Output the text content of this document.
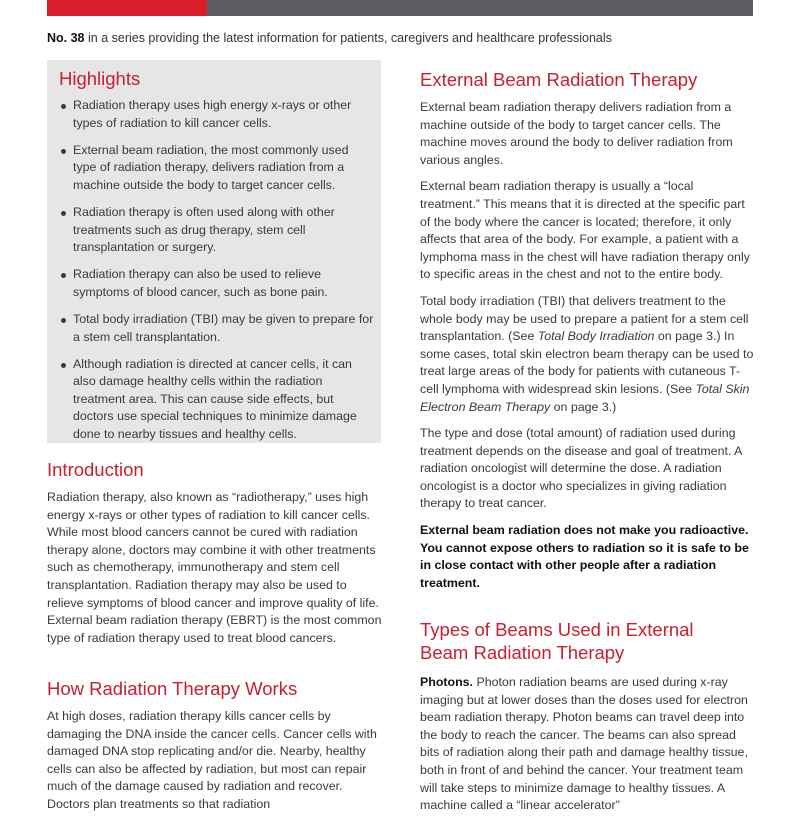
No. 38 in a series providing the latest information for patients, caregivers and healthcare professionals
Highlights
Radiation therapy uses high energy x-rays or other types of radiation to kill cancer cells.
External beam radiation, the most commonly used type of radiation therapy, delivers radiation from a machine outside the body to target cancer cells.
Radiation therapy is often used along with other treatments such as drug therapy, stem cell transplantation or surgery.
Radiation therapy can also be used to relieve symptoms of blood cancer, such as bone pain.
Total body irradiation (TBI) may be given to prepare for a stem cell transplantation.
Although radiation is directed at cancer cells, it can also damage healthy cells within the radiation treatment area. This can cause side effects, but doctors use special techniques to minimize damage done to nearby tissues and healthy cells.
Introduction

Radiation therapy, also known as “radiotherapy,” uses high energy x-rays or other types of radiation to kill cancer cells. While most blood cancers cannot be cured with radiation therapy alone, doctors may combine it with other treatments such as chemotherapy, immunotherapy and stem cell transplantation. Radiation therapy may also be used to relieve symptoms of blood cancer and improve quality of life. External beam radiation therapy (EBRT) is the most common type of radiation therapy used to treat blood cancers.

How Radiation Therapy Works

At high doses, radiation therapy kills cancer cells by damaging the DNA inside the cancer cells. Cancer cells with damaged DNA stop replicating and/or die. Nearby, healthy cells can also be affected by radiation, but most can repair much of the damage caused by radiation and recover. Doctors plan treatments so that radiation

External Beam Radiation Therapy

External beam radiation therapy delivers radiation from a machine outside of the body to target cancer cells. The machine moves around the body to deliver radiation from various angles.

External beam radiation therapy is usually a “local treatment.” This means that it is directed at the specific part of the body where the cancer is located; therefore, it only affects that area of the body. For example, a patient with a lymphoma mass in the chest will have radiation therapy only to specific areas in the chest and not to the entire body.

Total body irradiation (TBI) that delivers treatment to the whole body may be used to prepare a patient for a stem cell transplantation. (See Total Body Irradiation on page 3.) In some cases, total skin electron beam therapy can be used to treat large areas of the body for patients with cutaneous T-cell lymphoma with widespread skin lesions. (See Total Skin Electron Beam Therapy on page 3.)

The type and dose (total amount) of radiation used during treatment depends on the disease and goal of treatment. A radiation oncologist will determine the dose. A radiation oncologist is a doctor who specializes in giving radiation therapy to treat cancer.

External beam radiation does not make you radioactive. You cannot expose others to radiation so it is safe to be in close contact with other people after a radiation treatment.

Types of Beams Used in External Beam Radiation Therapy

Photons. Photon radiation beams are used during x-ray imaging but at lower doses than the doses used for electron beam radiation therapy. Photon beams can travel deep into the body to reach the cancer. The beams can also spread bits of radiation along their path and damage healthy tissue, both in front of and behind the cancer. Your treatment team will take steps to minimize damage to healthy tissues. A machine called a “linear accelerator”
